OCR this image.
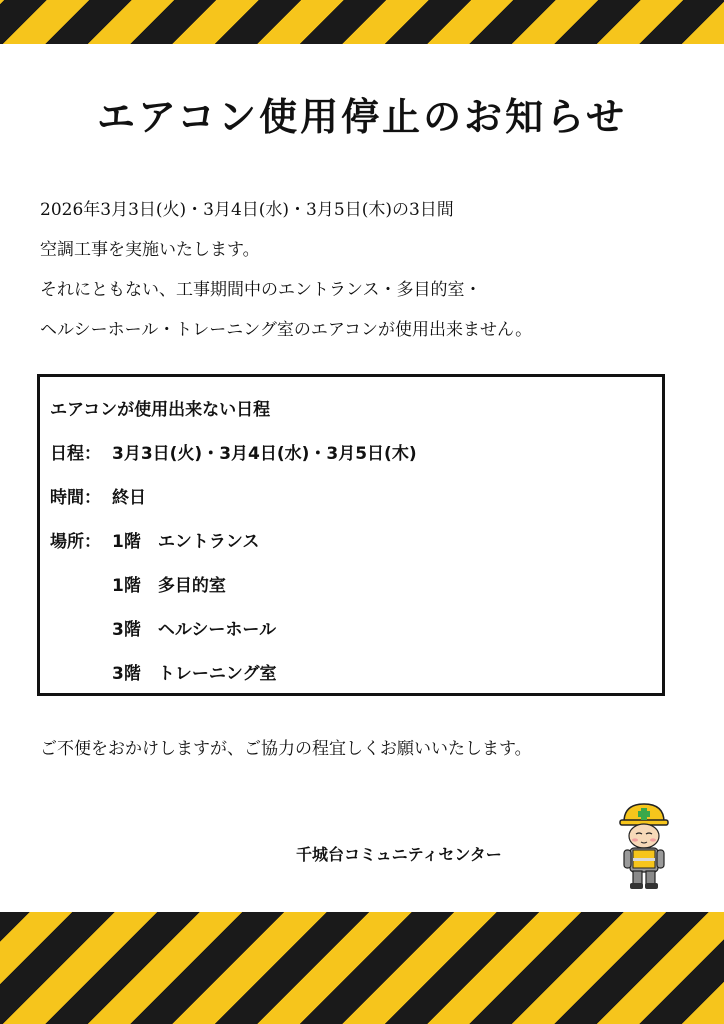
エアコン使用停止のお知らせ

2026年3月3日(火)・3月4日(水)・3月5日(木)の3日間

空調工事を実施いたします。

それにともない、工事期間中のエントランス・多目的室・

ヘルシーホール・トレーニング室のエアコンが使用出来ません。

エアコンが使用出来ない日程
日程： 3月3日(火)・3月4日(水)・3月5日(木)
時間： 終日
場所： 1階　エントランス
1階　多目的室
3階　ヘルシーホール
3階　トレーニング室

ご不便をおかけしますが、ご協力の程宜しくお願いいたします。

千城台コミュニティセンター
